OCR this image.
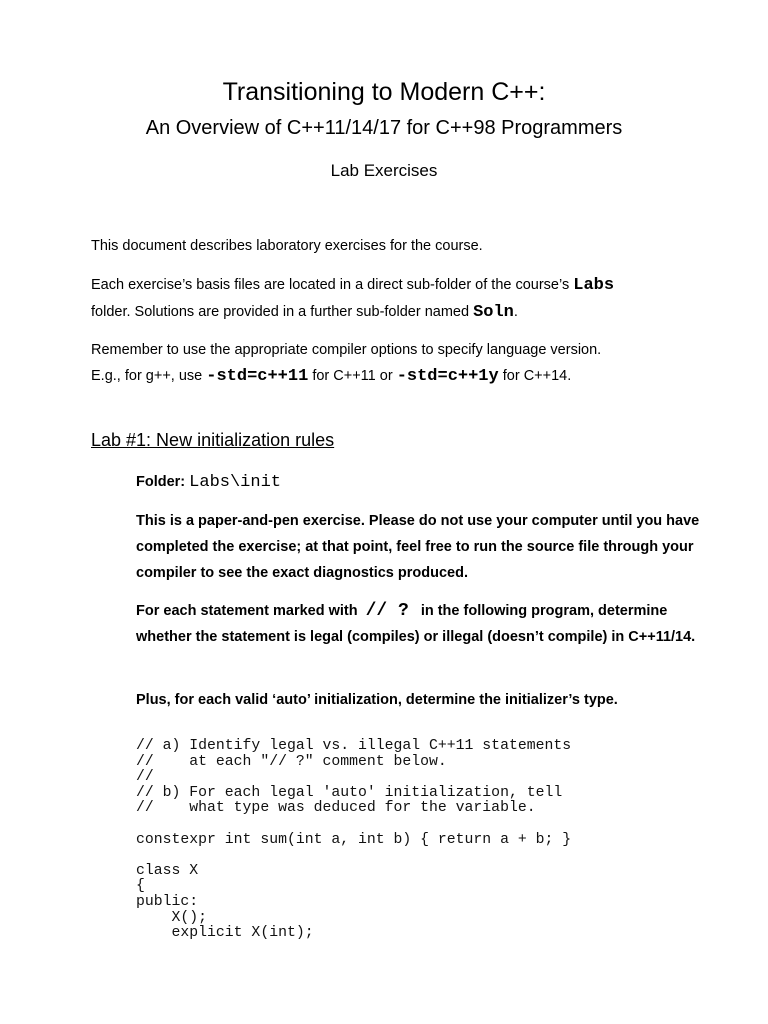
Transitioning to Modern C++:
An Overview of C++11/14/17 for C++98 Programmers
Lab Exercises
This document describes laboratory exercises for the course.
Each exercise’s basis files are located in a direct sub-folder of the course’s Labs
folder. Solutions are provided in a further sub-folder named Soln.
Remember to use the appropriate compiler options to specify language version.
E.g., for g++, use -std=c++11 for C++11 or -std=c++1y for C++14.
Lab #1: New initialization rules
Folder: Labs\init
This is a paper-and-pen exercise. Please do not use your computer until you have completed the exercise; at that point, feel free to run the source file through your compiler to see the exact diagnostics produced.
For each statement marked with // ? in the following program, determine whether the statement is legal (compiles) or illegal (doesn’t compile) in C++11/14.
Plus, for each valid ‘auto’ initialization, determine the initializer’s type.
// a) Identify legal vs. illegal C++11 statements
//    at each "// ?" comment below.
//
// b) For each legal 'auto' initialization, tell
//    what type was deduced for the variable.
constexpr int sum(int a, int b) { return a + b; }
class X
{
public:
X();
explicit X(int);
